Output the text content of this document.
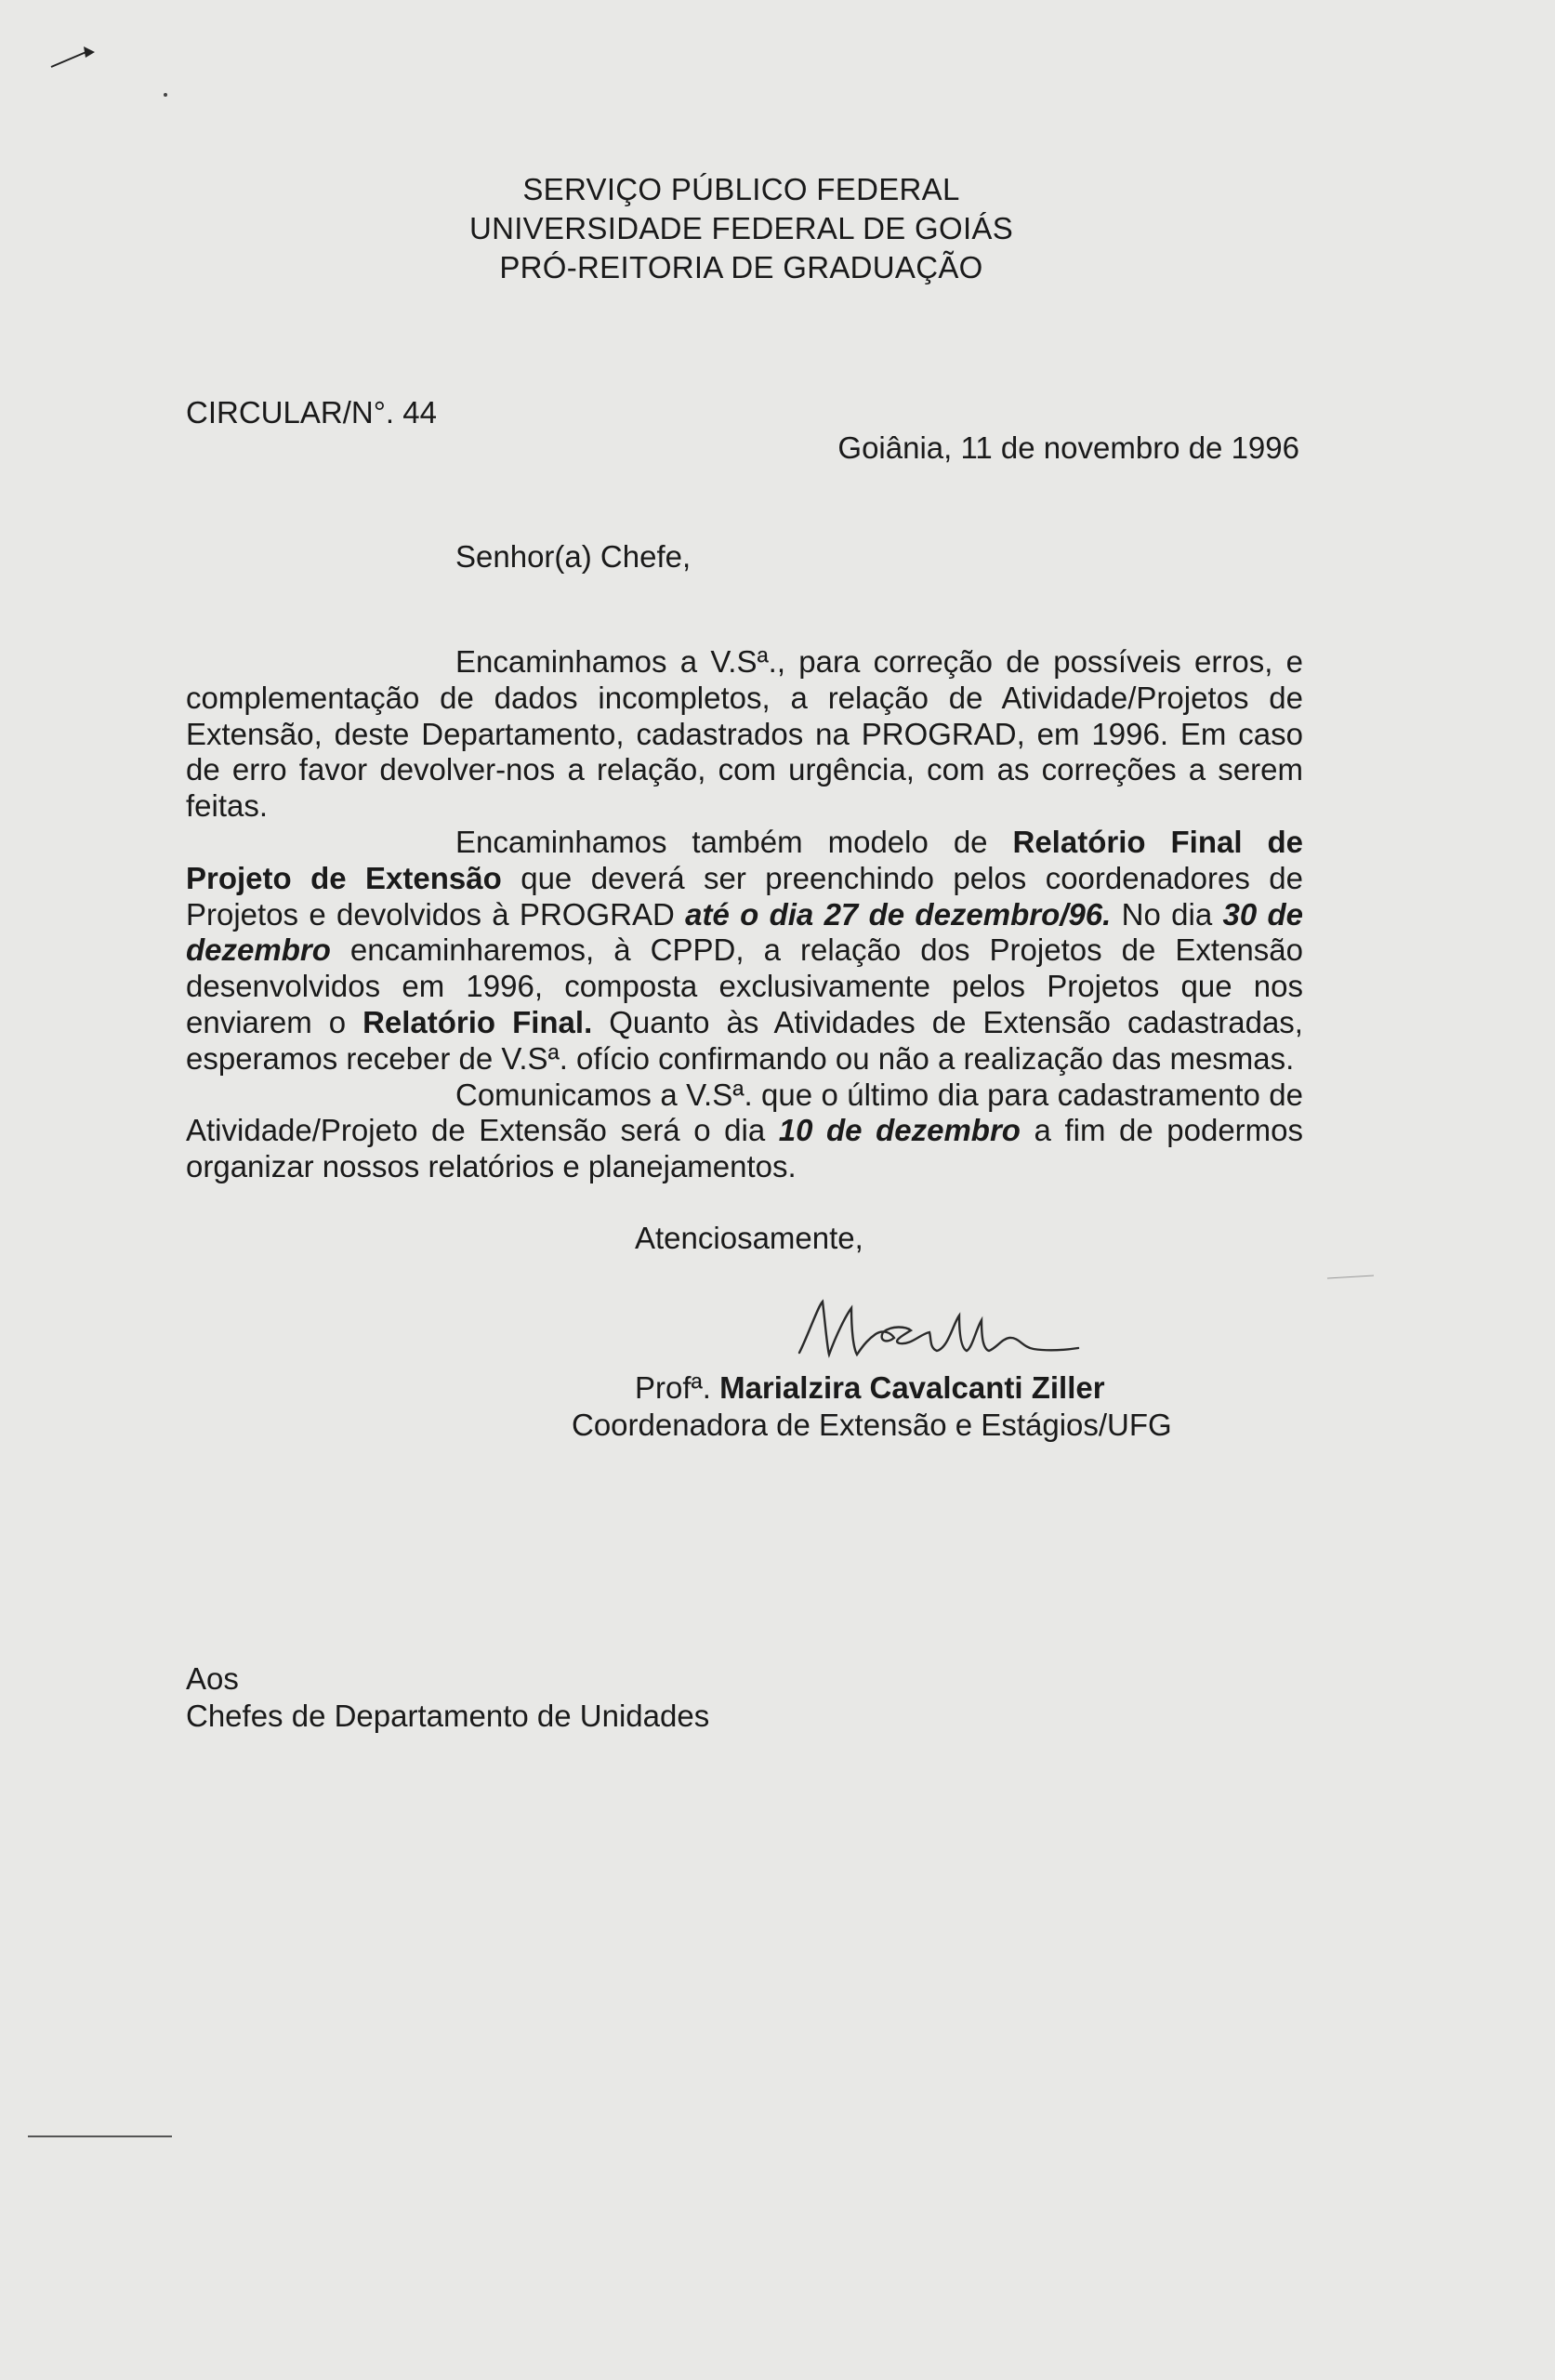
SERVIÇO PÚBLICO FEDERAL
UNIVERSIDADE FEDERAL DE GOIÁS
PRÓ-REITORIA DE GRADUAÇÃO
CIRCULAR/N°. 44
Goiânia, 11 de novembro de 1996
Senhor(a) Chefe,

Encaminhamos a V.Sª., para correção de possíveis erros, e complementação de dados incompletos, a relação de Atividade/Projetos de Extensão, deste Departamento, cadastrados na PROGRAD, em 1996. Em caso de erro favor devolver-nos a relação, com urgência, com as correções a serem feitas.

Encaminhamos também modelo de Relatório Final de Projeto de Extensão que deverá ser preenchindo pelos coordenadores de Projetos e devolvidos à PROGRAD até o dia 27 de dezembro/96. No dia 30 de dezembro encaminharemos, à CPPD, a relação dos Projetos de Extensão desenvolvidos em 1996, composta exclusivamente pelos Projetos que nos enviarem o Relatório Final. Quanto às Atividades de Extensão cadastradas, esperamos receber de V.Sª. ofício confirmando ou não a realização das mesmas.

Comunicamos a V.Sª. que o último dia para cadastramento de Atividade/Projeto de Extensão será o dia 10 de dezembro a fim de podermos organizar nossos relatórios e planejamentos.

Atenciosamente,
Profª. Marialzira Cavalcanti Ziller
Coordenadora de Extensão e Estágios/UFG
Aos
Chefes de Departamento de Unidades
